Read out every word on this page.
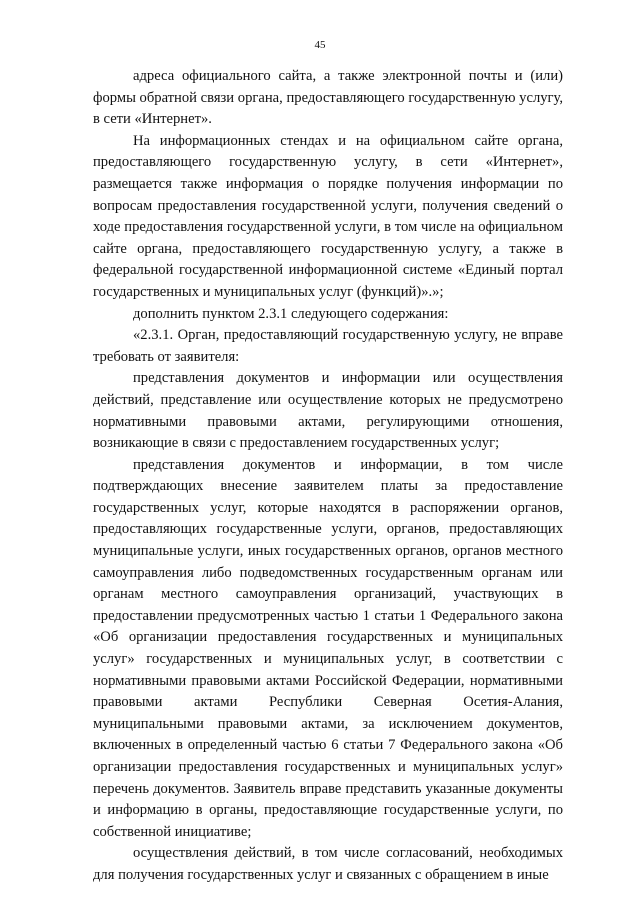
45

адреса официального сайта, а также электронной почты и (или) формы обратной связи органа, предоставляющего государственную услугу, в сети «Интернет».

На информационных стендах и на официальном сайте органа, предоставляющего государственную услугу, в сети «Интернет», размещается также информация о порядке получения информации по вопросам предоставления государственной услуги, получения сведений о ходе предоставления государственной услуги, в том числе на официальном сайте органа, предоставляющего государственную услугу, а также в федеральной государственной информационной системе «Единый портал государственных и муниципальных услуг (функций)».»;

дополнить пунктом 2.3.1 следующего содержания:

«2.3.1. Орган, предоставляющий государственную услугу, не вправе требовать от заявителя:

представления документов и информации или осуществления действий, представление или осуществление которых не предусмотрено нормативными правовыми актами, регулирующими отношения, возникающие в связи с предоставлением государственных услуг;

представления документов и информации, в том числе подтверждающих внесение заявителем платы за предоставление государственных услуг, которые находятся в распоряжении органов, предоставляющих государственные услуги, органов, предоставляющих муниципальные услуги, иных государственных органов, органов местного самоуправления либо подведомственных государственным органам или органам местного самоуправления организаций, участвующих в предоставлении предусмотренных частью 1 статьи 1 Федерального закона «Об организации предоставления государственных и муниципальных услуг» государственных и муниципальных услуг, в соответствии с нормативными правовыми актами Российской Федерации, нормативными правовыми актами Республики Северная Осетия-Алания, муниципальными правовыми актами, за исключением документов, включенных в определенный частью 6 статьи 7 Федерального закона «Об организации предоставления государственных и муниципальных услуг» перечень документов. Заявитель вправе представить указанные документы и информацию в органы, предоставляющие государственные услуги, по собственной инициативе;

осуществления действий, в том числе согласований, необходимых для получения государственных услуг и связанных с обращением в иные
